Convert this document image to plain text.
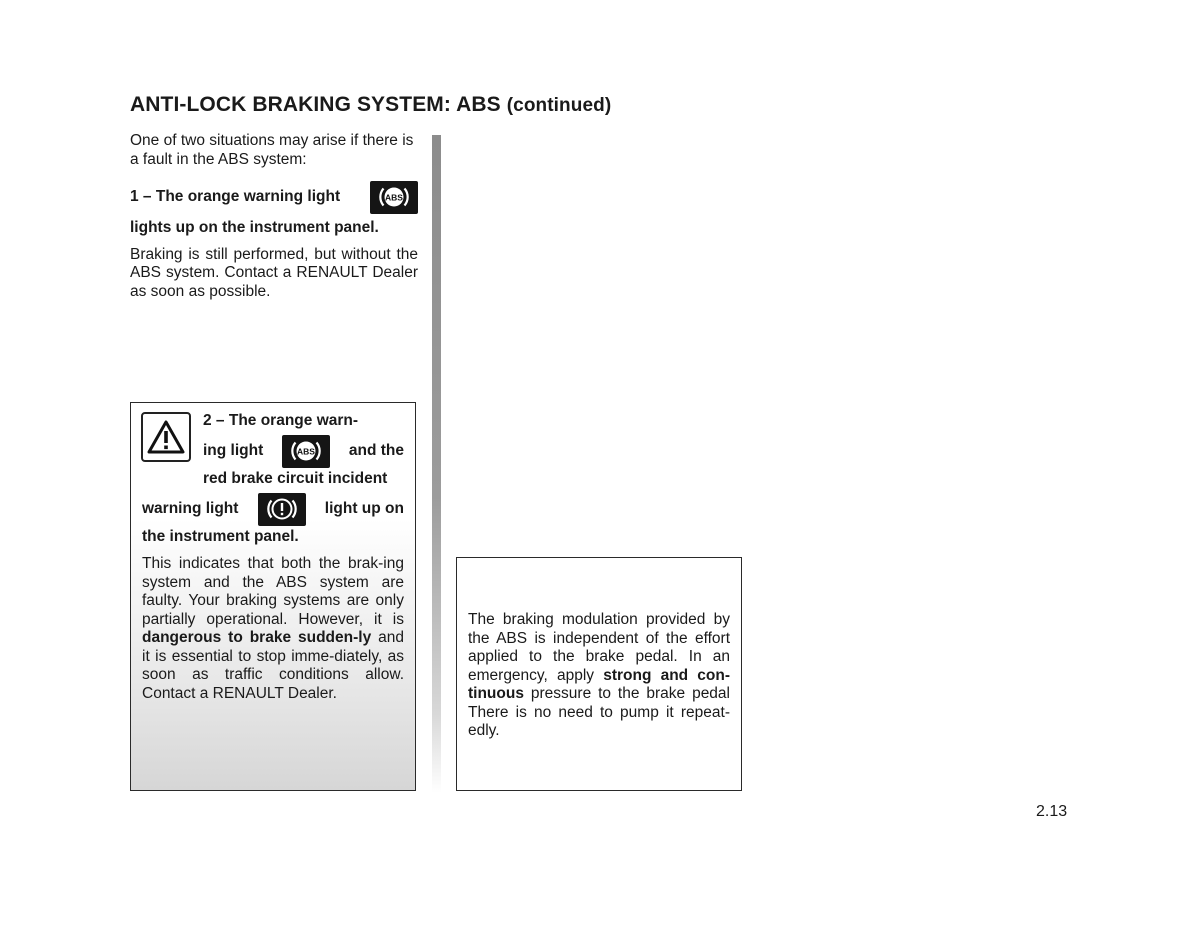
ANTI-LOCK BRAKING SYSTEM: ABS (continued)

One of two situations may arise if there is a fault in the ABS system:

1 – The orange warning light	ABS

lights up on the instrument panel.

Braking is still performed, but without the ABS system. Contact a RENAULT Dealer as soon as possible.

2 – The orange warn-
ing light	ABS and the
red brake circuit incident
warning light	light up on
the instrument panel.

This indicates that both the brak-ing system and the ABS system are faulty. Your braking systems are only partially operational. However, it is dangerous to brake sudden-ly and it is essential to stop imme-diately, as soon as traffic conditions allow. Contact a RENAULT Dealer.

The braking modulation provided by the ABS is independent of the effort applied to the brake pedal. In an emergency, apply strong and con-tinuous pressure to the brake pedal There is no need to pump it repeat-edly.

2.13
